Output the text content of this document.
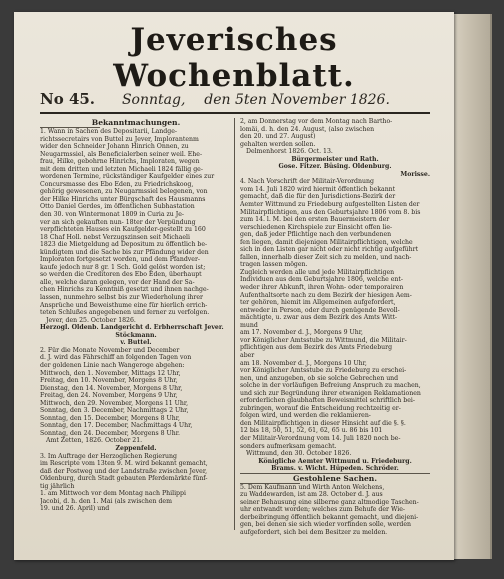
Jeverisches Wochenblatt.
No 45. Sonntag, den 5ten November 1826.
Bekanntmachungen.
1. Wann in Sachen des Depositarii, Landge-
richtssecretairs von Buttel zu Jever, Implorantenm
wider den Schneider Johann Hinrich Onnen, zu
Neugarmssiel, als Beneficialerben seiner weil. Ehe-
frau, Hilke, gebohrne Hinrichs, Imploraten, wegen
mit dem dritten und letzten Michaeli 1824 fällig ge-
wordenen Termine, rückständiger Kaufgelder eines zur
Concursmasse des Ebo Eden, zu Friedrichskoog,
gehörig gewesenen, zu Neugarmssiel belegenen, von
der Hilke Hinrichs unter Bürgschaft des Hausmanns
Otto Daniel Gerdes, im öffentlichen Subhastation
den 30. von Wintermonat 1809 in Curia zu Je-
ver an sich gekauften nun- 18ter der Verpündung
verpflichteten Hauses ein Kaufgelder-gestellt zu 160
18 Chaf Holl. nebst Verzugszinsen seit Michaeli
1823 die Mietgeldung ad Depositum zu öffentlich be-
kündigtem und die Sache bis zur Pfändung wider den
Imploraten fortgesetzt worden, und dem Pfandver-
kaufe jedoch nur 8 gr. 1 Sch. Gold gelöst worden ist;
so werden die Creditoren des Ebo Eden, überhaupt
alle, welche daran gelegen, vor der Hand der Sa-
chen Hinrichs zu Kenntniß gesetzt und ihnen nachge-
lassen, nunmehro selbst bis zur Wiederholung ihrer
Ansprüche und Beweisthume eine für hierlich errich-
teten Schlußes angegebenen und ferner zu verfolgen.
Jever, den 25. October 1826.
Herzogl. Oldenb. Landgericht d. Erbherrschaft Jever.
Stöckmann.
v. Buttel.
2. Für die Monate November und December
d. J. wird das Fährschiff an folgenden Tagen von
der goldenen Linie nach Wangeroge abgehen:
Mittwoch, den 1. November, Mittags 12 Uhr,
Freitag, den 10. November, Morgens 8 Uhr,
Dienstag, den 14. November, Morgens 8 Uhr,
Freitag, den 24. November, Morgens 9 Uhr,
Mittwoch, den 29. November, Morgens 11 Uhr,
Sonntag, den 3. December, Nachmittags 2 Uhr,
Sonntag, den 15. December, Morgens 8 Uhr,
Sonntag, den 17. December, Nachmittags 4 Uhr,
Sonntag, den 24. December, Morgens 8 Uhr.
Amt Zetten, 1826. October 21.
Zeppenfeld.
3. Im Auftrage der Herzoglichen Regierung
im Rescripte vom 13ten 9. M. wird bekannt gemacht,
daß der Postweg und der Landstraße zwischen Jever,
Oldenburg, durch Stadt gebauten Pferdemärkte fünf-
tig jährlich
1. am Mittwoch vor dem Montag nach Philippi
Jacobi, d. h. den 1. Mai (als zwischen dem
19. und 26. April) und
2, am Donnerstag vor dem Montag nach Bartho-
lomäi, d. h. den 24. August, (also zwischen
den 20. und 27. August)
gehalten werden sollen.
Delmenhorst 1826. Oct. 13.
Bürgermeister und Rath.
Gose. Fitzer. Büsing. Oldenburg.
Morisse.
4. Nach Vorschrift der Militair-Verordnung
vom 14. Juli 1820 wird hiermit öffentlich bekannt
gemacht, daß die für den Jurisdictions-Bezirk der
Aemter Wittmund zu Friedeburg aufgestellten Listen der
Militairpflichtigen, aus den Geburtsjahre 1806 vom 8. bis
zum 14. l. M. bei den ersten Bauermeistern der
verschiedenen Kirchspiele zur Einsicht offen lie-
gen, daß jeder Pflichtige nach den verbundenen
fen liegen, damit diejenigen Militairpflichtigen, welche
sich in den Listen gar nicht oder nicht richtig aufgeführt
fallen, innerhalb dieser Zeit sich zu melden, und nach-
tragen lassen mögen.
Zugleich werden alle und jede Militairpflichtigen
Individuen aus dem Geburtsjahre 1806, welche ent-
weder ihrer Abkunft, ihren Wohn- oder temporairen
Aufenthaltsorte nach zu dem Bezirk der hiesigen Aem-
ter gehören, hiemit im Allgemeinen aufgefordert,
entweder in Person, oder durch genügende Bevoll-
mächtigte, u. zwar aus dem Bezirk des Amts Witt-
mund
am 17. November d. J., Morgens 9 Uhr,
vor Königlicher Amtsstube zu Wittmund, die Militair-
pflichtigen aus dem Bezirk des Amts Friedeburg
aber
am 18. November d. J., Morgens 10 Uhr,
vor Königlicher Amtsstube zu Friedeburg zu erschei-
nen, und anzugeben, ob sie solche Gebrechen und
solche in der vorläufigen Befreiung Anspruch zu machen,
und sich zur Begründung ihrer etwanigen Reklamationen
erforderlichen glaubhaften Beweismittel schriftlich bei-
zubringen, worauf die Entscheidung rechtzeitig er-
folgen wird, und werden die reklamieren-
den Militairpflichtigen in dieser Hinsicht auf die §. §.
12 bis 18, 50, 51, 52, 61, 62, 65 u. 86 bis 101
der Militair-Verordnung vom 14. Juli 1820 noch be-
sonders aufmerksam gemacht.
Wittmund, den 30. October 1826.
Königliche Aemter Wittmund u. Friedeburg.
Brams. v. Wicht. Hüpeden. Schröder.
Gestohlene Sachen.
5. Dem Kaufmann und Wirth Anton Welchens,
zu Waddewarden, ist am 28. October d. J. aus
seiner Behausung eine silberne ganz altmodige Taschen-
uhr entwandt worden; welches zum Behufe der Wie-
derbeibringung öffentlich bekannt gemacht, und diejeni-
gen, bei denen sie sich wieder vorfinden solle, werden
aufgefordert, sich bei dem Besitzer zu melden.
